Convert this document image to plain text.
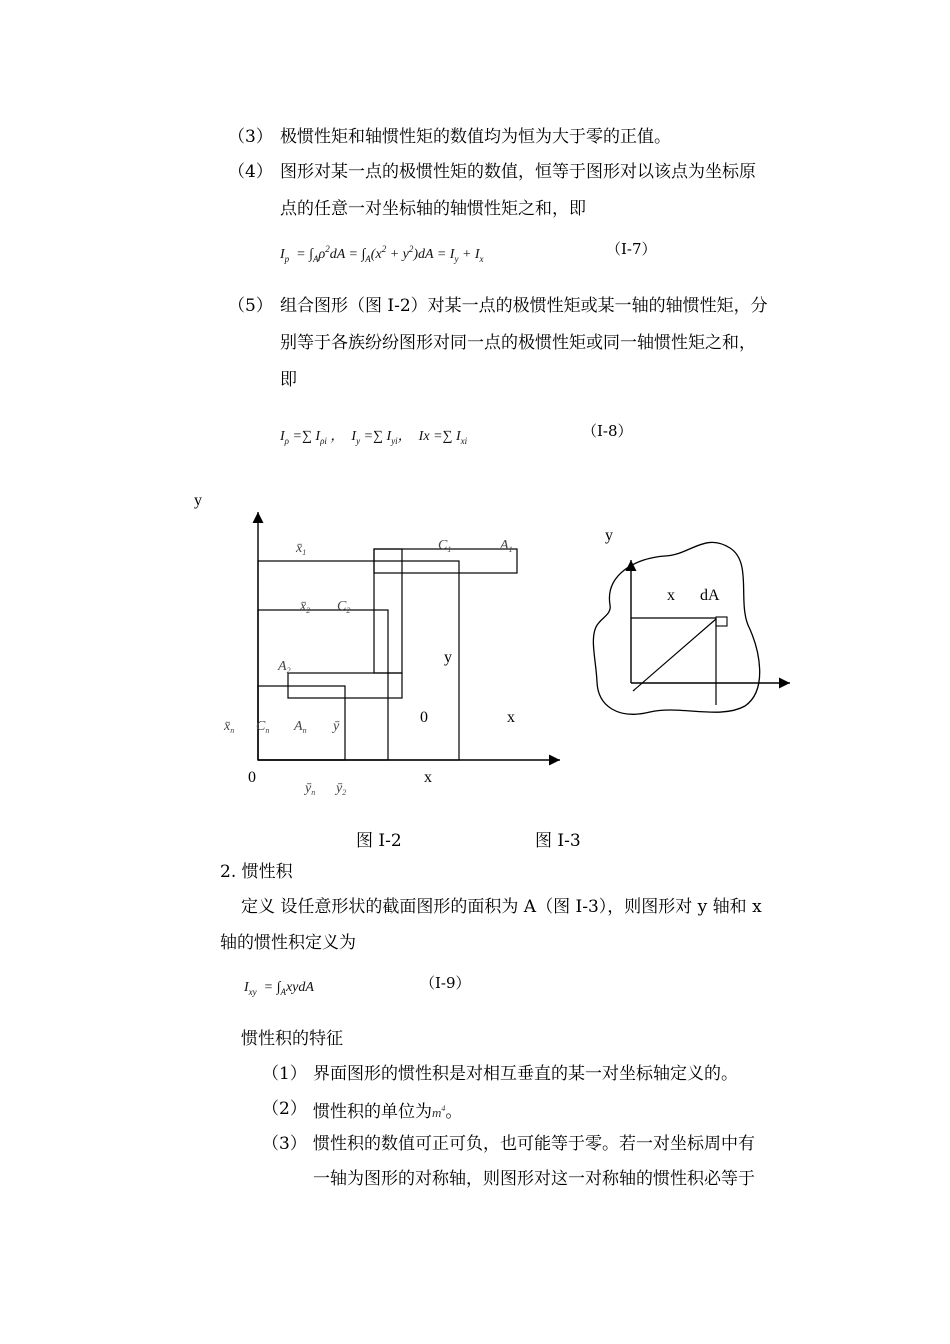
（3） 极惯性矩和轴惯性矩的数值均为恒为大于零的正值。
（4） 图形对某一点的极惯性矩的数值，恒等于图形对以该点为坐标原
点的任意一对坐标轴的轴惯性矩之和，即
$I_p = \int_A\rho^2dA = \int_A(x^2 + y^2)dA = I_y + I_x$
（I-7）
（5） 组合图形（图 I-2）对某一点的极惯性矩或某一轴的轴惯性矩，分
别等于各族纷纷图形对同一点的极惯性矩或同一轴惯性矩之和，
即
$I_\rho$ =∑ $I_{\rho i}$ ，  $I_y$ =∑ $I_{yi}$，  Ix =∑ $I_{xi}$
（I-8）
$x̄_1$	$C_1$	$A_1$
$x̄_2$ $C_2$
$A_2$
$x̄_n$ $C_n$ $A_n$ ȳ
$ȳ_n$ $ȳ_2$
y
0	x
y
0	x
y
x dA
图 I-2	图 I-3
2. 惯性积
定义 设任意形状的截面图形的面积为 A（图 I-3），则图形对 y 轴和 x
轴的惯性积定义为
$I_{xy}$  = $\int_AxydA$	（I-9）
惯性积的特征
（1） 界面图形的惯性积是对相互垂直的某一对坐标轴定义的。
（2） 惯性积的单位为$m^4$。
（3） 惯性积的数值可正可负，也可能等于零。若一对坐标周中有
一轴为图形的对称轴，则图形对这一对称轴的惯性积必等于
